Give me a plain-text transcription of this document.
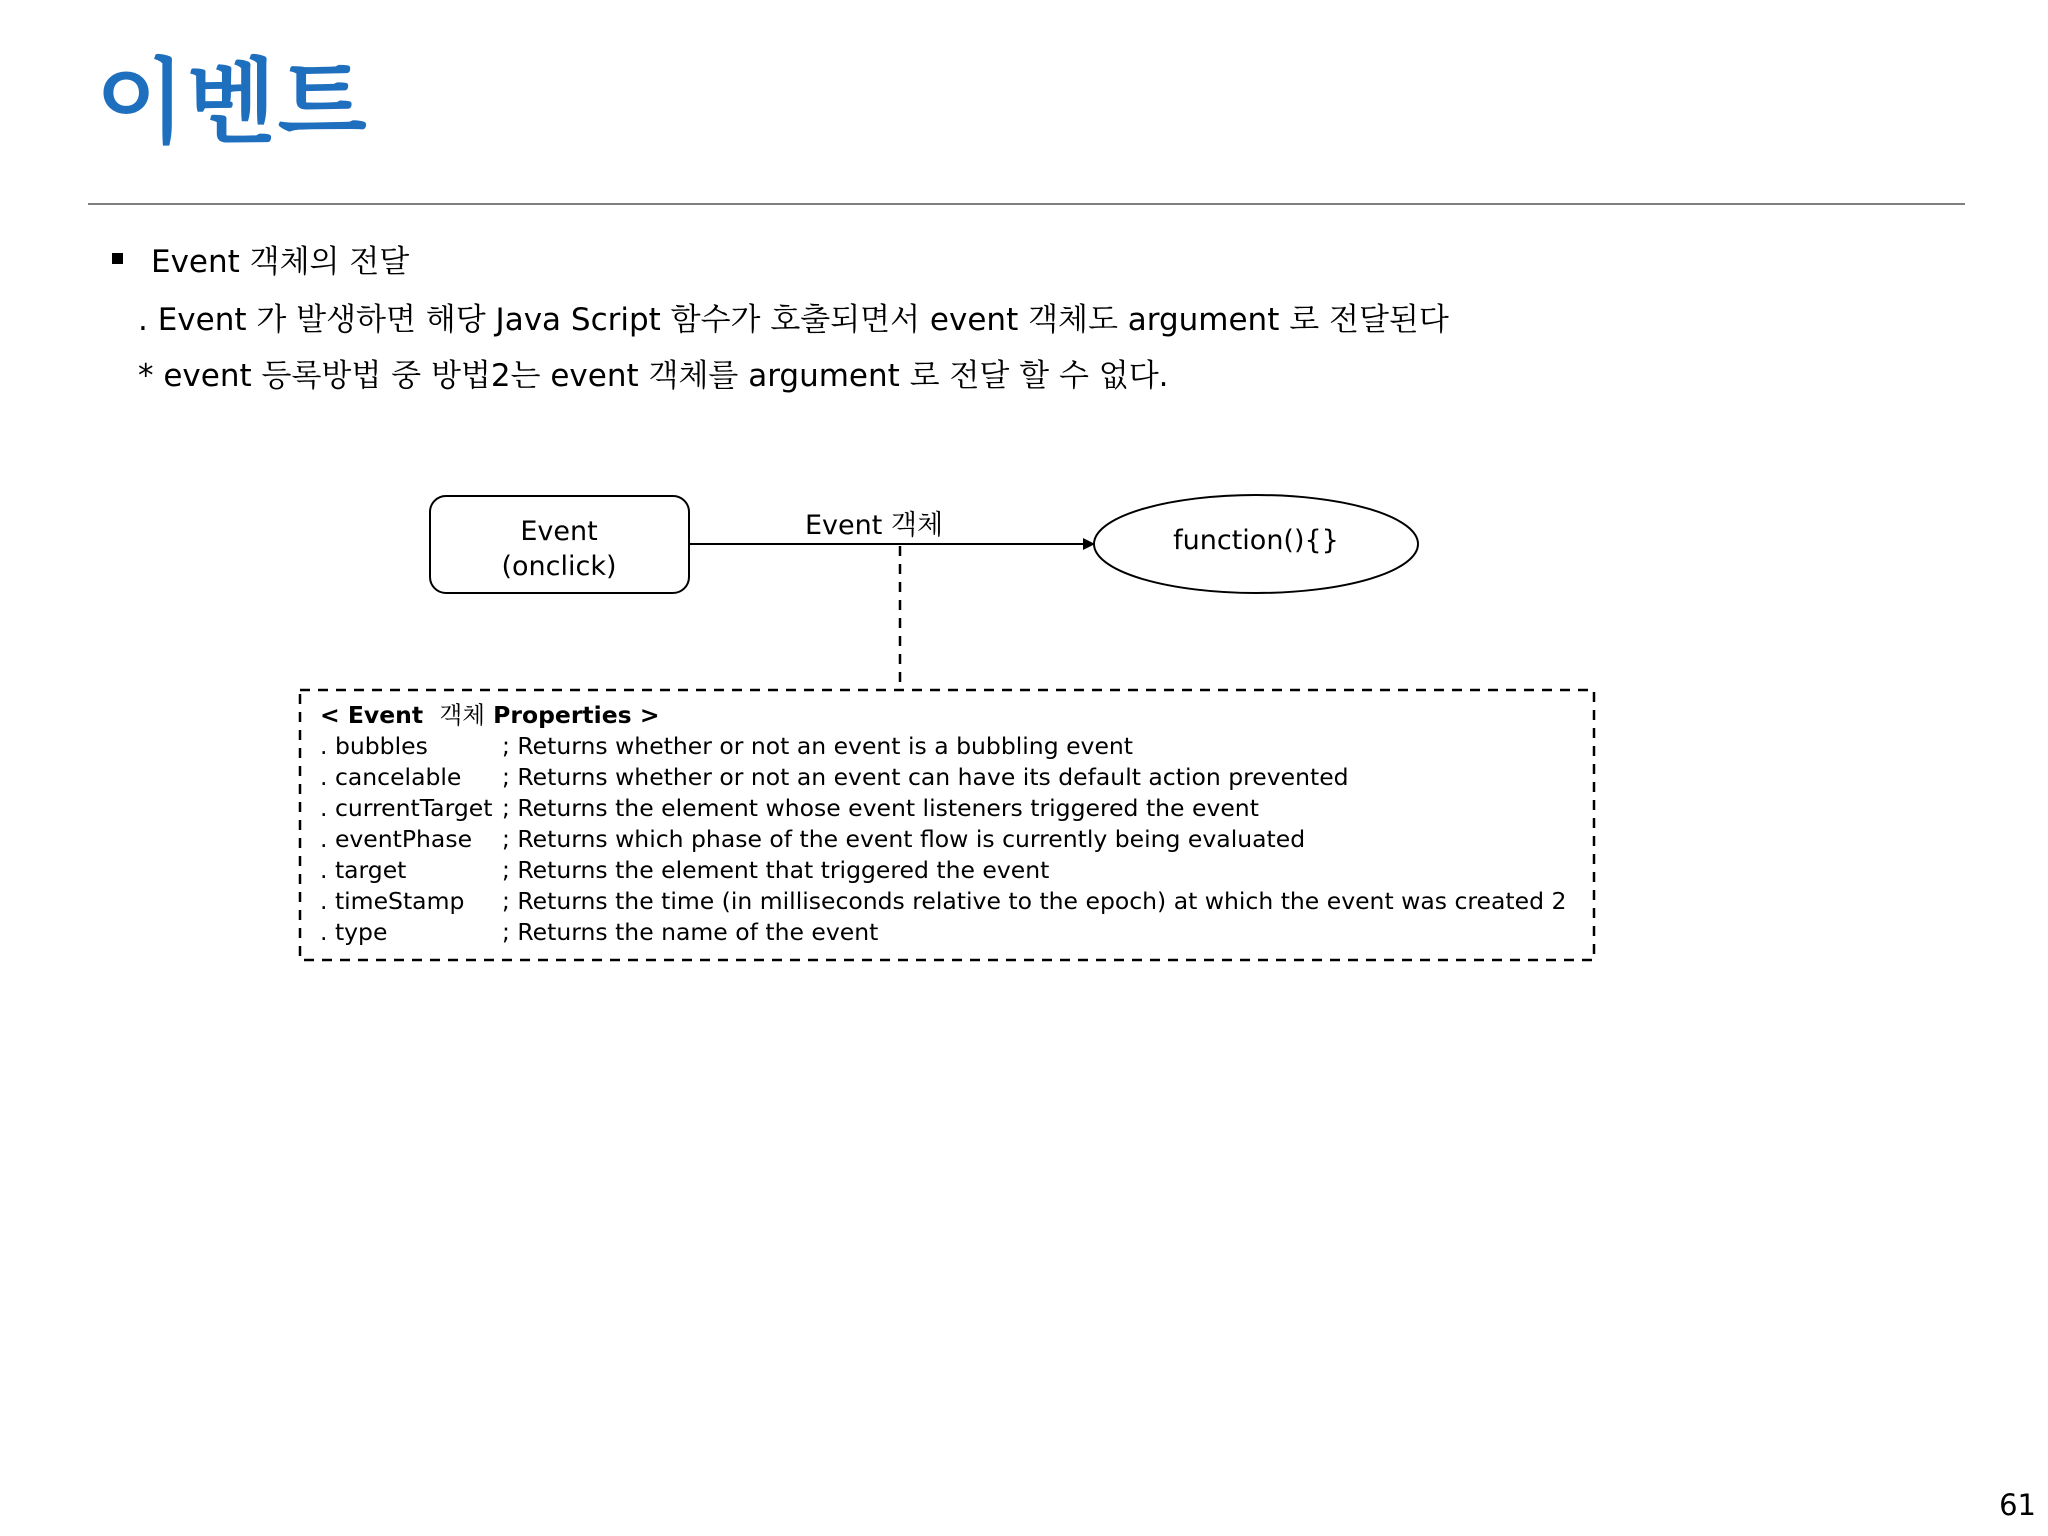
이벤트
Event 객체의 전달
. Event 가 발생하면 해당 Java Script 함수가 호출되면서 event 객체도 argument 로 전달된다
* event 등록방법 중 방법2는 event 객체를 argument 로 전달 할 수 없다.
Event
(onclick)
Event 객체	function(){}
< Event 객체 Properties >
. bubbles	; Returns whether or not an event is a bubbling event
. cancelable	; Returns whether or not an event can have its default action prevented
. currentTarget ; Returns the element whose event listeners triggered the event
. eventPhase	; Returns which phase of the event flow is currently being evaluated
. target	; Returns the element that triggered the event
. timeStamp	; Returns the time (in milliseconds relative to the epoch) at which the event was created 2
. type	; Returns the name of the event
61
